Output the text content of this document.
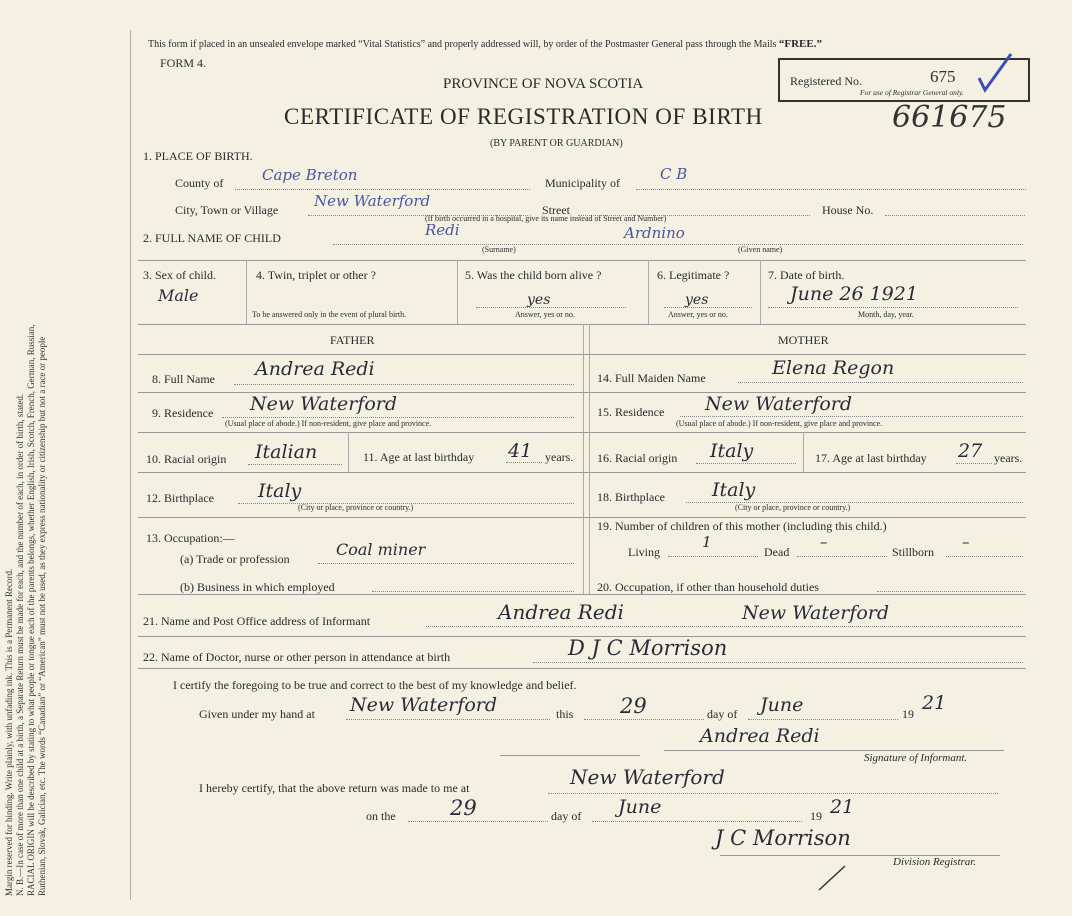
Margin reserved for binding. Write plainly, with unfading ink. This is a Permanent Record. N. B.—In case of more than one child at a birth, a Separate Return must be made for each, and the number of each, in order of birth, stated. RACIAL ORIGIN will be described by stating to what people or tongue each of the parents belongs, whether English, Irish, Scotch, French, German, Russian, Ruthenian, Slovak, Galician, etc. The words “Canadian” or “American” must not be used, as they express nationality or citizenship but not a race or people
This form if placed in an unsealed envelope marked “Vital Statistics” and properly addressed will, by order of the Postmaster General pass through the Mails “FREE.”
FORM 4.
PROVINCE OF NOVA SCOTIA
CERTIFICATE OF REGISTRATION OF BIRTH
(BY PARENT OR GUARDIAN)
Registered No.	675
For use of Registrar General only.
661675
1. PLACE OF BIRTH.
County of	Cape Breton	Municipality of	C B
City, Town or Village New Waterford	Street	House No.
(If birth occurred in a hospital, give its name instead of Street and Number)
2. FULL NAME OF CHILD	Redi	Ardnino
(Surname)	(Given name)
3. Sex of child.
Male
4. Twin, triplet or other ?
To be answered only in the event of plural birth.
5. Was the child born alive ?
yes
Answer, yes or no.
6. Legitimate ?
yes
Answer, yes or no.
7. Date of birth.
June 26 1921
Month, day, year.
FATHER	MOTHER
8. Full Name Andrea Redi
9. Residence New Waterford
(Usual place of abode.) If non-resident, give place and province.
10. Racial origin Italian	11. Age at last birthday 41 years.
12. Birthplace Italy
(City or place, province or country.)
13. Occupation:—
(a) Trade or profession	Coal miner
(b) Business in which employed
14. Full Maiden Name	Elena Regon
15. Residence New Waterford
(Usual place of abode.) If non-resident, give place and province.
16. Racial origin Italy	17. Age at last birthday 27 years.
18. Birthplace Italy
(City or place, province or country.)
19. Number of children of this mother (including this child.)
Living
1
Dead
–
Stillborn
–
20. Occupation, if other than household duties
21. Name and Post Office address of Informant	Andrea Redi	New Waterford
22. Name of Doctor, nurse or other person in attendance at birth	D J C Morrison
I certify the foregoing to be true and correct to the best of my knowledge and belief.
Given under my hand at New Waterford	this 29	day of June	19 21
Andrea Redi
Signature of Informant.
I hereby certify, that the above return was made to me at	New Waterford
on the	29	day of June	19 21
J C Morrison
Division Registrar.
